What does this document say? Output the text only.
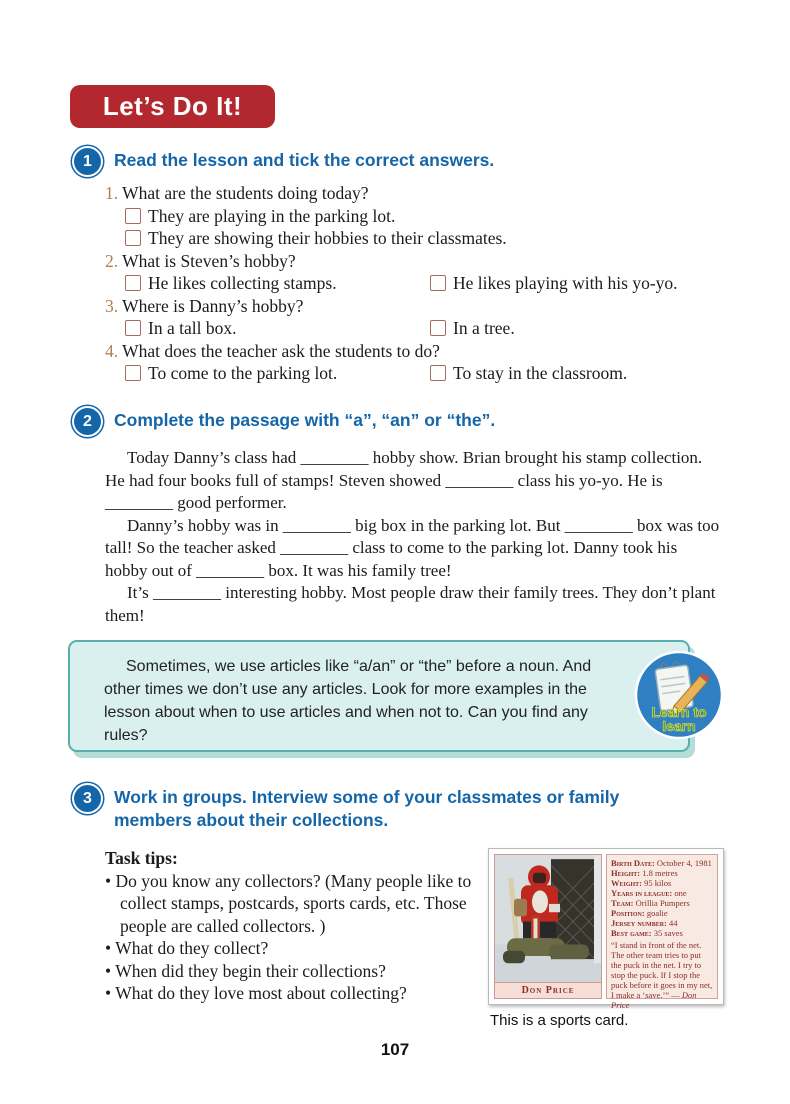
Let’s Do It!
1	Read the lesson and tick the correct answers.
1. What are the students doing today?
They are playing in the parking lot.
They are showing their hobbies to their classmates.
2. What is Steven’s hobby?
He likes collecting stamps.	He likes playing with his yo-yo.
3. Where is Danny’s hobby?
In a tall box.	In a tree.
4. What does the teacher ask the students to do?
To come to the parking lot.	To stay in the classroom.
2	Complete the passage with “a”, “an” or “the”.

Today Danny’s class had ________ hobby show. Brian brought his stamp collection. He had four books full of stamps! Steven showed ________ class his yo-yo. He is ________ good performer.

Danny’s hobby was in ________ big box in the parking lot. But ________ box was too tall! So the teacher asked ________ class to come to the parking lot. Danny took his hobby out of ________ box. It was his family tree!

It’s ________ interesting hobby. Most people draw their family trees. They don’t plant them!

Sometimes, we use articles like “a/an” or “the” before a noun. And other times we don’t use any articles. Look for more examples in the lesson about when to use articles and when not to. Can you find any rules?
Learn to
learn
3	Work in groups. Interview some of your classmates or family members about their collections.
Task tips:
• Do you know any collectors? (Many people like to collect stamps, postcards, sports cards, etc. Those people are called collectors. )
• What do they collect?
• When did they begin their collections?
• What do they love most about collecting?	Don Price
Birth Date: October 4, 1981
Height: 1.8 metres
Weight: 95 kilos
Years in league: one
Team: Orillia Pumpers
Position: goalie
Jersey number: 44
Best game: 35 saves
“I stand in front of the net. The other team tries to put the puck in the net. I try to stop the puck. If I stop the puck before it goes in my net, I make a ‘save.’” — Don Price
This is a sports card.
107
